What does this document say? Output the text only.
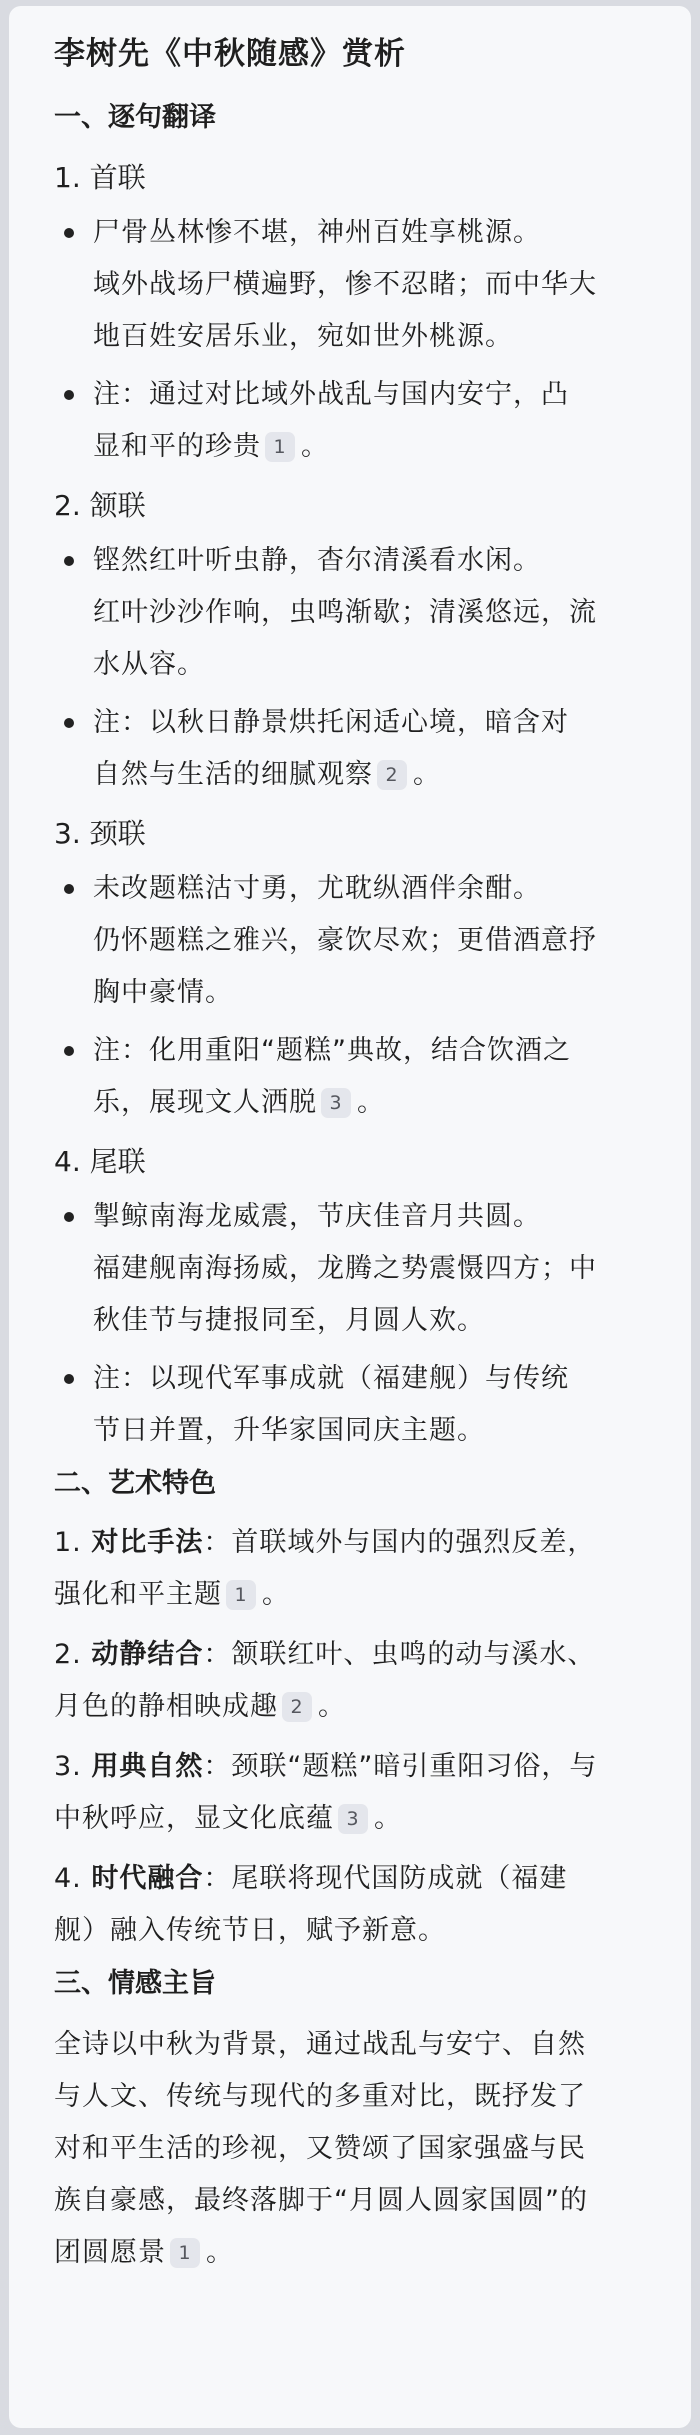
李树先《中秋随感》赏析
一、逐句翻译
1. 首联
尸骨丛林惨不堪，神州百姓享桃源。
域外战场尸横遍野，惨不忍睹；而中华大
地百姓安居乐业，宛如世外桃源。
注：通过对比域外战乱与国内安宁，凸
显和平的珍贵 1 。
2. 颔联
铿然红叶听虫静，杳尔清溪看水闲。
红叶沙沙作响，虫鸣渐歇；清溪悠远，流
水从容。
注：以秋日静景烘托闲适心境，暗含对
自然与生活的细腻观察 2 。
3. 颈联
未改题糕沽寸勇，尤耽纵酒伴余酣。
仍怀题糕之雅兴，豪饮尽欢；更借酒意抒
胸中豪情。
注：化用重阳“题糕”典故，结合饮酒之
乐，展现文人洒脱 3 。
4. 尾联
掣鲸南海龙威震，节庆佳音月共圆。
福建舰南海扬威，龙腾之势震慑四方；中
秋佳节与捷报同至，月圆人欢。
注：以现代军事成就（福建舰）与传统
节日并置，升华家国同庆主题。
二、艺术特色
1. 对比手法：首联域外与国内的强烈反差，
强化和平主题 1 。
2. 动静结合：颔联红叶、虫鸣的动与溪水、
月色的静相映成趣 2 。
3. 用典自然：颈联“题糕”暗引重阳习俗，与
中秋呼应，显文化底蕴 3 。
4. 时代融合：尾联将现代国防成就（福建
舰）融入传统节日，赋予新意。
三、情感主旨
全诗以中秋为背景，通过战乱与安宁、自然
与人文、传统与现代的多重对比，既抒发了
对和平生活的珍视，又赞颂了国家强盛与民
族自豪感，最终落脚于“月圆人圆家国圆”的
团圆愿景 1 。
